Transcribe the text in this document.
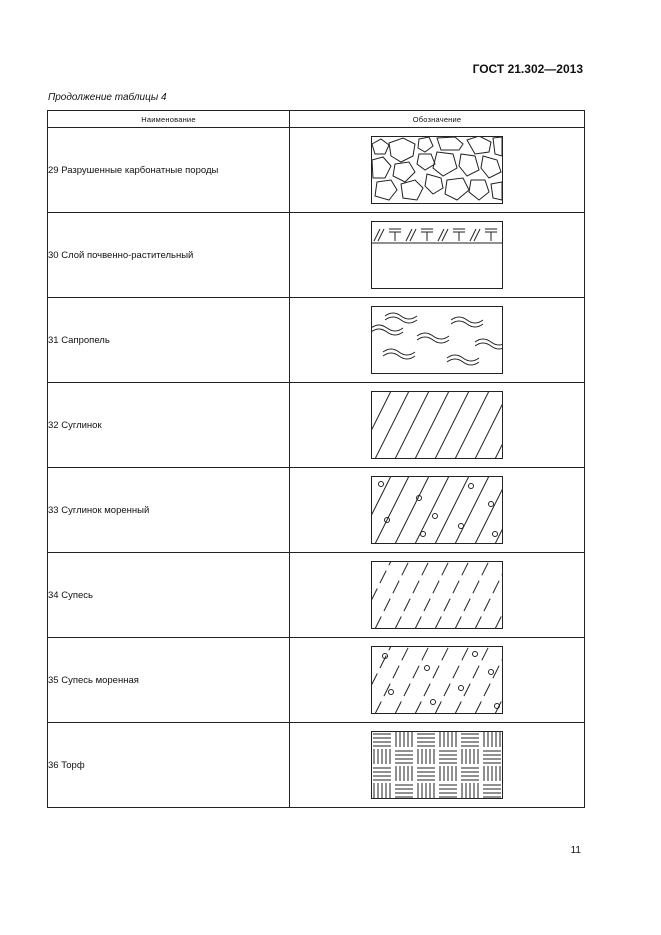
ГОСТ 21.302—2013
Продолжение таблицы 4
Наименование	Обозначение
29 Разрушенные карбонатные породы	

30 Слой почвенно-растительный	

31 Сапропель	

32 Суглинок	

33 Суглинок моренный	

34 Супесь	

35 Супесь моренная	

36 Торф	
11
